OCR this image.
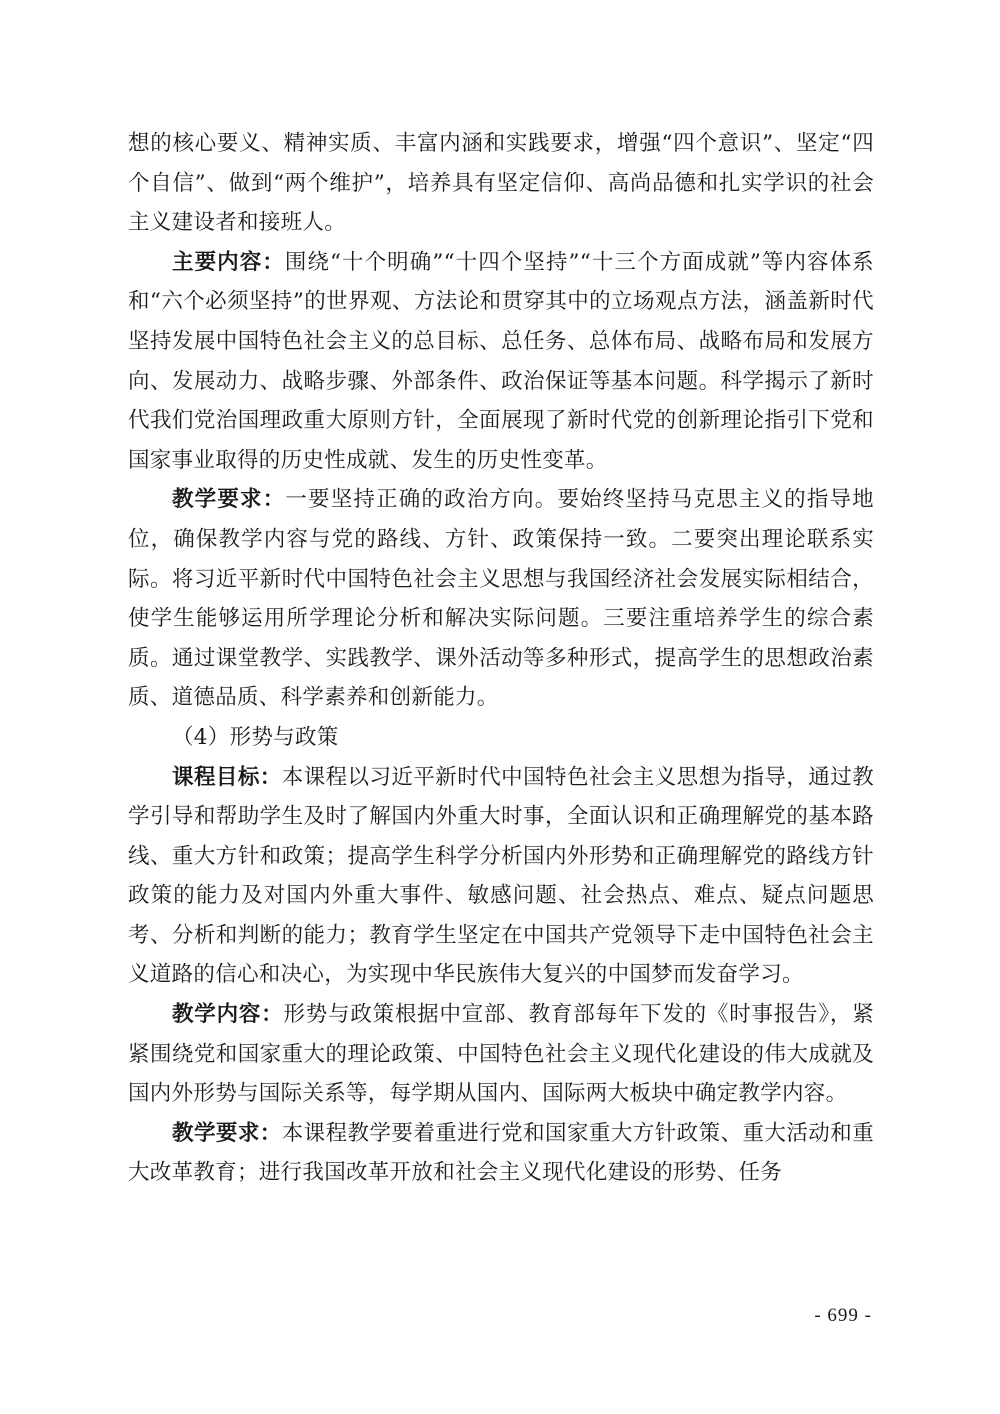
想的核心要义、精神实质、丰富内涵和实践要求，增强“四个意识”、坚定“四个自信”、做到“两个维护”，培养具有坚定信仰、高尚品德和扎实学识的社会主义建设者和接班人。

主要内容：围绕“十个明确”“十四个坚持”“十三个方面成就”等内容体系和“六个必须坚持”的世界观、方法论和贯穿其中的立场观点方法，涵盖新时代坚持发展中国特色社会主义的总目标、总任务、总体布局、战略布局和发展方向、发展动力、战略步骤、外部条件、政治保证等基本问题。科学揭示了新时代我们党治国理政重大原则方针，全面展现了新时代党的创新理论指引下党和国家事业取得的历史性成就、发生的历史性变革。

教学要求：一要坚持正确的政治方向。要始终坚持马克思主义的指导地位，确保教学内容与党的路线、方针、政策保持一致。二要突出理论联系实际。将习近平新时代中国特色社会主义思想与我国经济社会发展实际相结合，使学生能够运用所学理论分析和解决实际问题。三要注重培养学生的综合素质。通过课堂教学、实践教学、课外活动等多种形式，提高学生的思想政治素质、道德品质、科学素养和创新能力。

（4）形势与政策

课程目标：本课程以习近平新时代中国特色社会主义思想为指导，通过教学引导和帮助学生及时了解国内外重大时事，全面认识和正确理解党的基本路线、重大方针和政策；提高学生科学分析国内外形势和正确理解党的路线方针政策的能力及对国内外重大事件、敏感问题、社会热点、难点、疑点问题思考、分析和判断的能力；教育学生坚定在中国共产党领导下走中国特色社会主义道路的信心和决心，为实现中华民族伟大复兴的中国梦而发奋学习。

教学内容：形势与政策根据中宣部、教育部每年下发的《时事报告》，紧紧围绕党和国家重大的理论政策、中国特色社会主义现代化建设的伟大成就及国内外形势与国际关系等，每学期从国内、国际两大板块中确定教学内容。

教学要求：本课程教学要着重进行党和国家重大方针政策、重大活动和重大改革教育；进行我国改革开放和社会主义现代化建设的形势、任务

- 699 -
